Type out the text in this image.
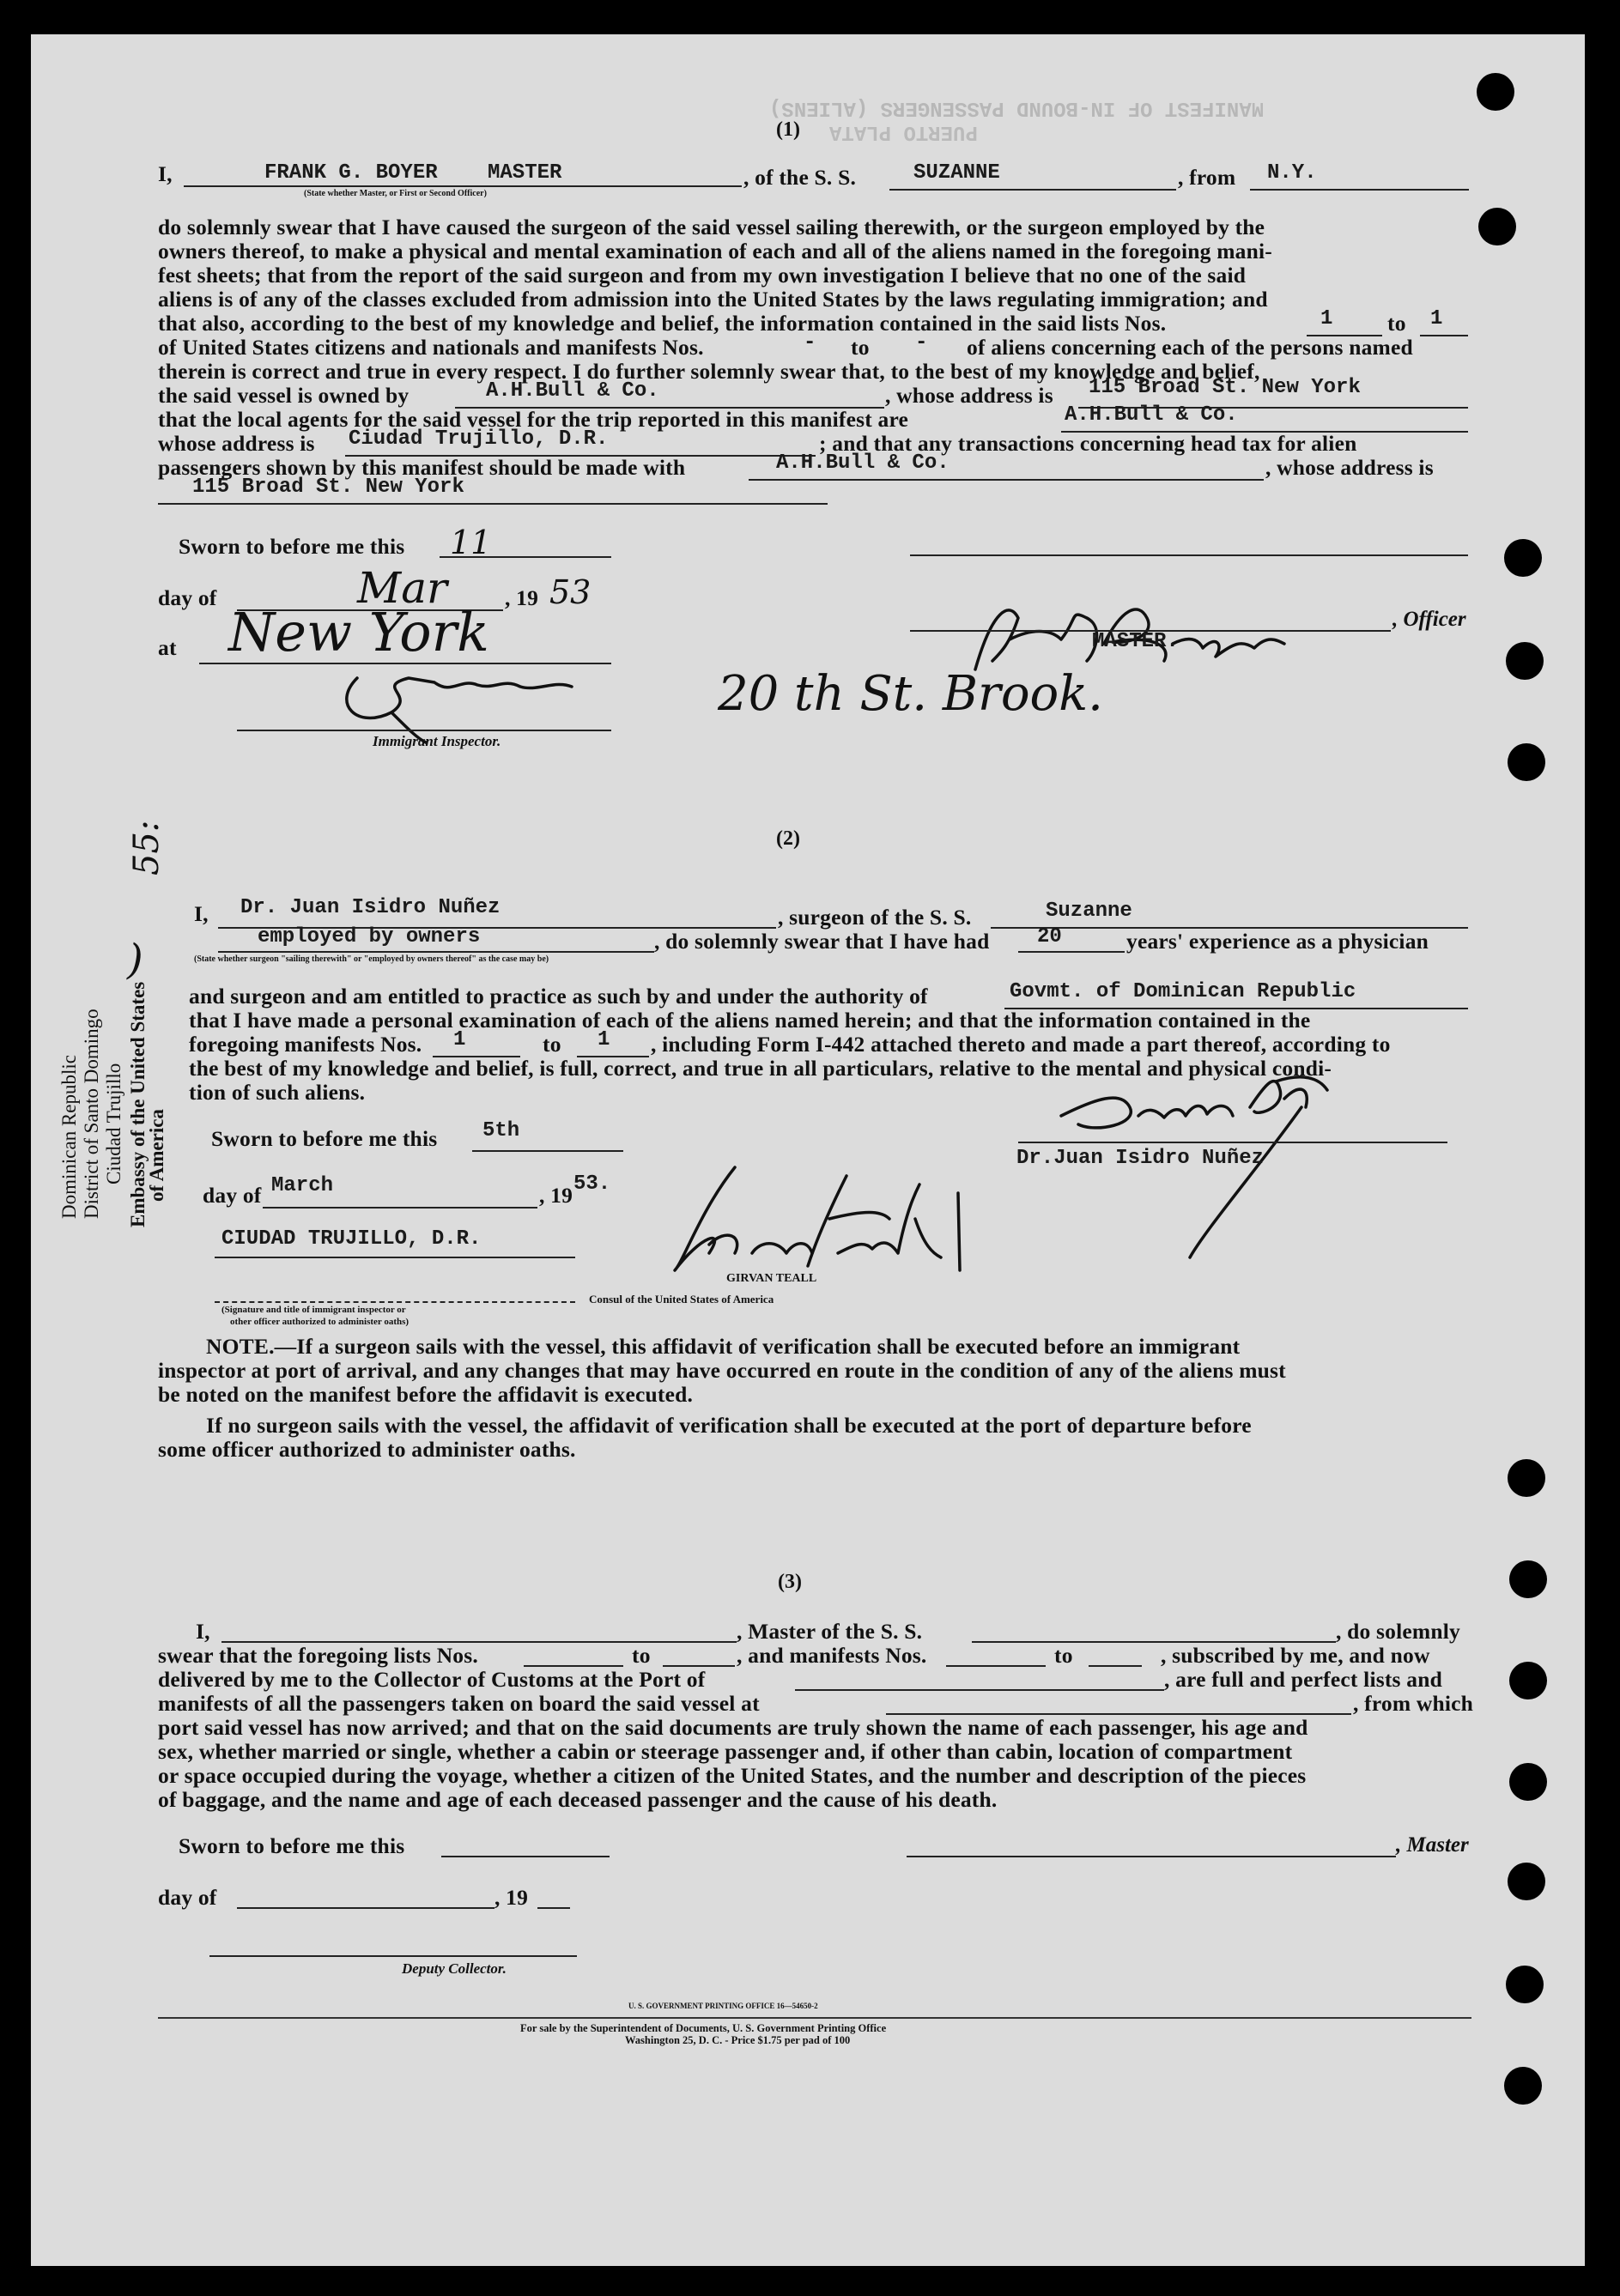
MANIFEST OF IN-BOUND PASSENGERS (ALIENS)
PUERTO PLATA
(1)
I,	FRANK G. BOYER MASTER
(State whether Master, or First or Second Officer)
, of the S. S.	SUZANNE	, from N.Y.
do solemnly swear that I have caused the surgeon of the said vessel sailing therewith, or the surgeon employed by the
owners thereof, to make a physical and mental examination of each and all of the aliens named in the foregoing mani-
fest sheets; that from the report of the said surgeon and from my own investigation I believe that no one of the said
aliens is of any of the classes excluded from admission into the United States by the laws regulating immigration; and
that also, according to the best of my knowledge and belief, the information contained in the said lists Nos.	1 to 1
of United States citizens and nationals and manifests Nos.	- to - of aliens concerning each of the persons named
therein is correct and true in every respect. I do further solemnly swear that, to the best of my knowledge and belief,
the said vessel is owned by	A.H.Bull & Co.	, whose address is 115 Broad St. New York
that the local agents for the said vessel for the trip reported in this manifest are	A.H.Bull & Co.
whose address is Ciudad Trujillo, D.R.	; and that any transactions concerning head tax for alien
passengers shown by this manifest should be made with	A.H.Bull & Co.	, whose address is
115 Broad St. New York
Sworn to before me this 11
day of	Mar	, 19 53
at New York
Immigrant Inspector.
, Officer
MASTER.
20 th St. Brook.
(2)
55:
)
Dominican Republic District of Santo Domingo Ciudad Trujillo Embassy of the United States
of America
I, Dr. Juan Isidro Nuñez	, surgeon of the S. S.	Suzanne
employed by owners	, do solemnly swear that I have had 20	years' experience as a physician
(State whether surgeon "sailing therewith" or "employed by owners thereof" as the case may be)
and surgeon and am entitled to practice as such by and under the authority of	Govmt. of Dominican Republic
that I have made a personal examination of each of the aliens named herein; and that the information contained in the
foregoing manifests Nos. 1	to 1 , including Form I-442 attached thereto and made a part thereof, according to
the best of my knowledge and belief, is full, correct, and true in all particulars, relative to the mental and physical condi-
tion of such aliens.
Sworn to before me this 5th
day of March	, 19 53.
CIUDAD TRUJILLO, D.R.
GIRVAN TEALL
Consul of the United States of America
(Signature and title of immigrant inspector or
other officer authorized to administer oaths)
Dr.Juan Isidro Nuñez
NOTE.—If a surgeon sails with the vessel, this affidavit of verification shall be executed before an immigrant
inspector at port of arrival, and any changes that may have occurred en route in the condition of any of the aliens must
be noted on the manifest before the affidavit is executed.
If no surgeon sails with the vessel, the affidavit of verification shall be executed at the port of departure before
some officer authorized to administer oaths.
(3)
I,	, Master of the S. S.	, do solemnly
swear that the foregoing lists Nos.	to	, and manifests Nos.	to	, subscribed by me, and now
delivered by me to the Collector of Customs at the Port of	, are full and perfect lists and
manifests of all the passengers taken on board the said vessel at	, from which
port said vessel has now arrived; and that on the said documents are truly shown the name of each passenger, his age and
sex, whether married or single, whether a cabin or steerage passenger and, if other than cabin, location of compartment
or space occupied during the voyage, whether a citizen of the United States, and the number and description of the pieces
of baggage, and the name and age of each deceased passenger and the cause of his death.
Sworn to before me this	, Master
day of	, 19
Deputy Collector.
U. S. GOVERNMENT PRINTING OFFICE 16—54650-2
For sale by the Superintendent of Documents, U. S. Government Printing Office
Washington 25, D. C. - Price $1.75 per pad of 100
